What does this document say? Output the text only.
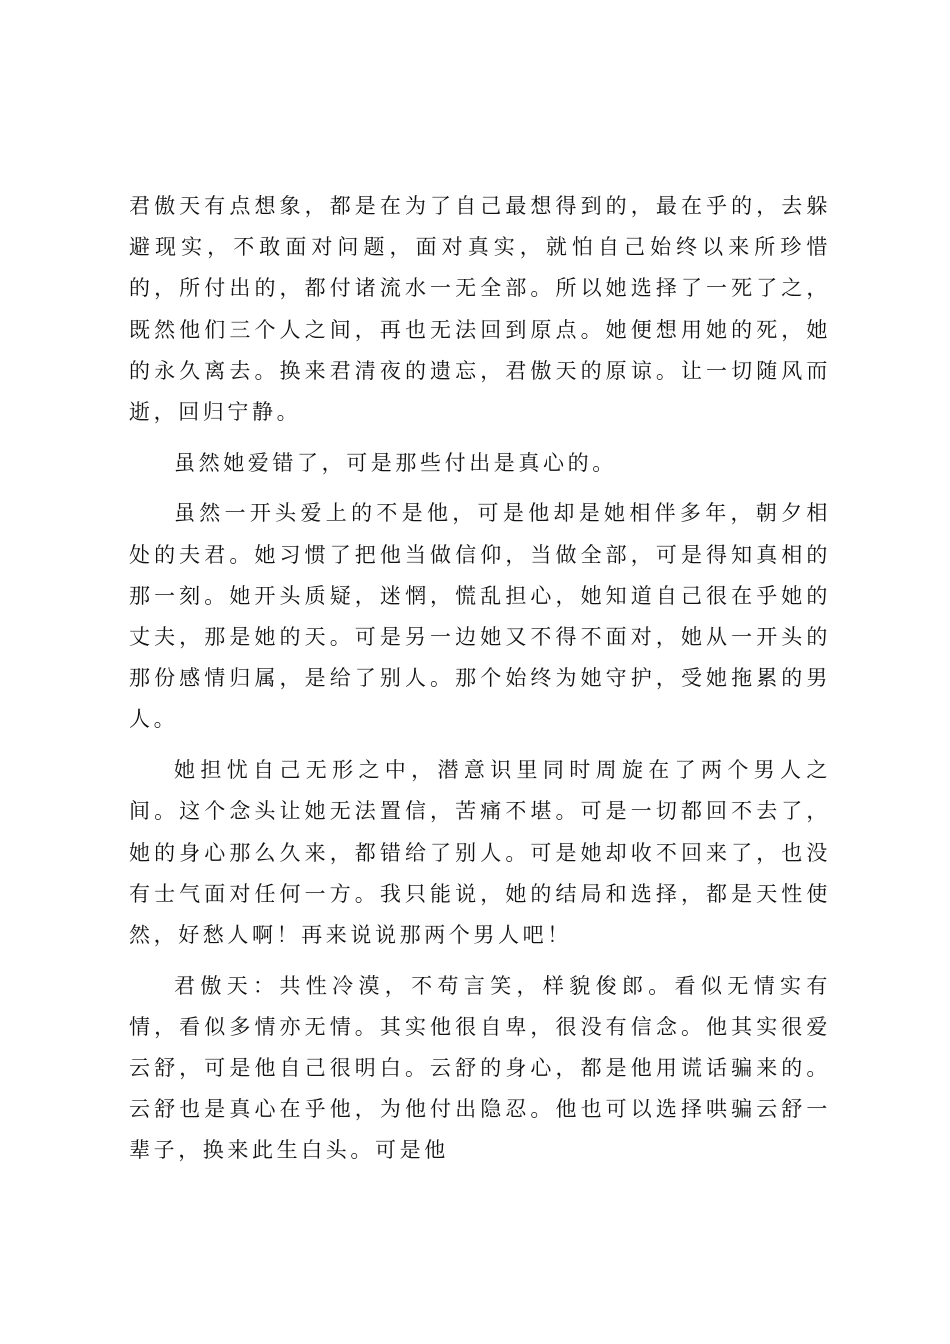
君傲天有点想象，都是在为了自己最想得到的，最在乎的，去躲避现实，不敢面对问题，面对真实，就怕自己始终以来所珍惜的，所付出的，都付诸流水一无全部。所以她选择了一死了之，既然他们三个人之间，再也无法回到原点。她便想用她的死，她的永久离去。换来君清夜的遗忘，君傲天的原谅。让一切随风而逝，回归宁静。

虽然她爱错了，可是那些付出是真心的。

虽然一开头爱上的不是他，可是他却是她相伴多年，朝夕相处的夫君。她习惯了把他当做信仰，当做全部，可是得知真相的那一刻。她开头质疑，迷惘，慌乱担心，她知道自己很在乎她的丈夫，那是她的天。可是另一边她又不得不面对，她从一开头的那份感情归属，是给了别人。那个始终为她守护，受她拖累的男人。

她担忧自己无形之中，潜意识里同时周旋在了两个男人之间。这个念头让她无法置信，苦痛不堪。可是一切都回不去了，她的身心那么久来，都错给了别人。可是她却收不回来了，也没有士气面对任何一方。我只能说，她的结局和选择，都是天性使然，好愁人啊！再来说说那两个男人吧！

君傲天：共性冷漠，不苟言笑，样貌俊郎。看似无情实有情，看似多情亦无情。其实他很自卑，很没有信念。他其实很爱云舒，可是他自己很明白。云舒的身心，都是他用谎话骗来的。云舒也是真心在乎他，为他付出隐忍。他也可以选择哄骗云舒一辈子，换来此生白头。可是他
